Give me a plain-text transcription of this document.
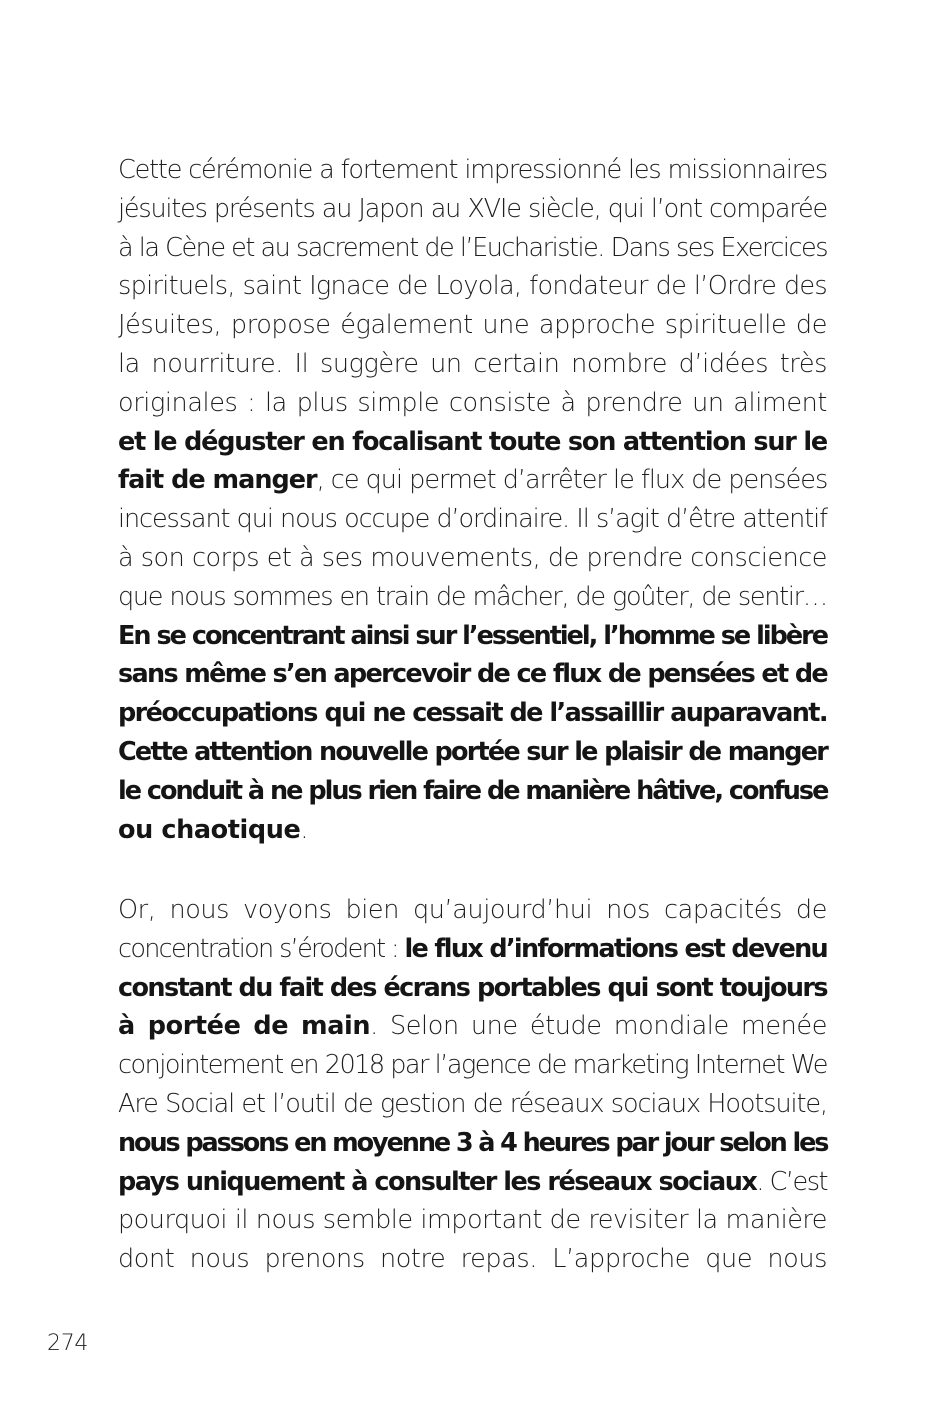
Cette cérémonie a fortement impressionné les missionnaires
jésuites présents au Japon au XVIe siècle, qui l’ont comparée
à la Cène et au sacrement de l’Eucharistie. Dans ses Exercices
spirituels, saint Ignace de Loyola, fondateur de l’Ordre des
Jésuites, propose également une approche spirituelle de
la nourriture. Il suggère un certain nombre d’idées très
originales : la plus simple consiste à prendre un aliment
et le déguster en focalisant toute son attention sur le
fait de manger, ce qui permet d’arrêter le flux de pensées
incessant qui nous occupe d’ordinaire. Il s’agit d’être attentif
à son corps et à ses mouvements, de prendre conscience
que nous sommes en train de mâcher, de goûter, de sentir…
En se concentrant ainsi sur l’essentiel, l’homme se libère
sans même s’en apercevoir de ce flux de pensées et de
préoccupations qui ne cessait de l’assaillir auparavant.
Cette attention nouvelle portée sur le plaisir de manger
le conduit à ne plus rien faire de manière hâtive, confuse
ou chaotique.
Or, nous voyons bien qu’aujourd’hui nos capacités de
concentration s’érodent : le flux d’informations est devenu
constant du fait des écrans portables qui sont toujours
à portée de main. Selon une étude mondiale menée
conjointement en 2018 par l’agence de marketing Internet We
Are Social et l’outil de gestion de réseaux sociaux Hootsuite,
nous passons en moyenne 3 à 4 heures par jour selon les
pays uniquement à consulter les réseaux sociaux. C’est
pourquoi il nous semble important de revisiter la manière
dont nous prenons notre repas. L’approche que nous
274
